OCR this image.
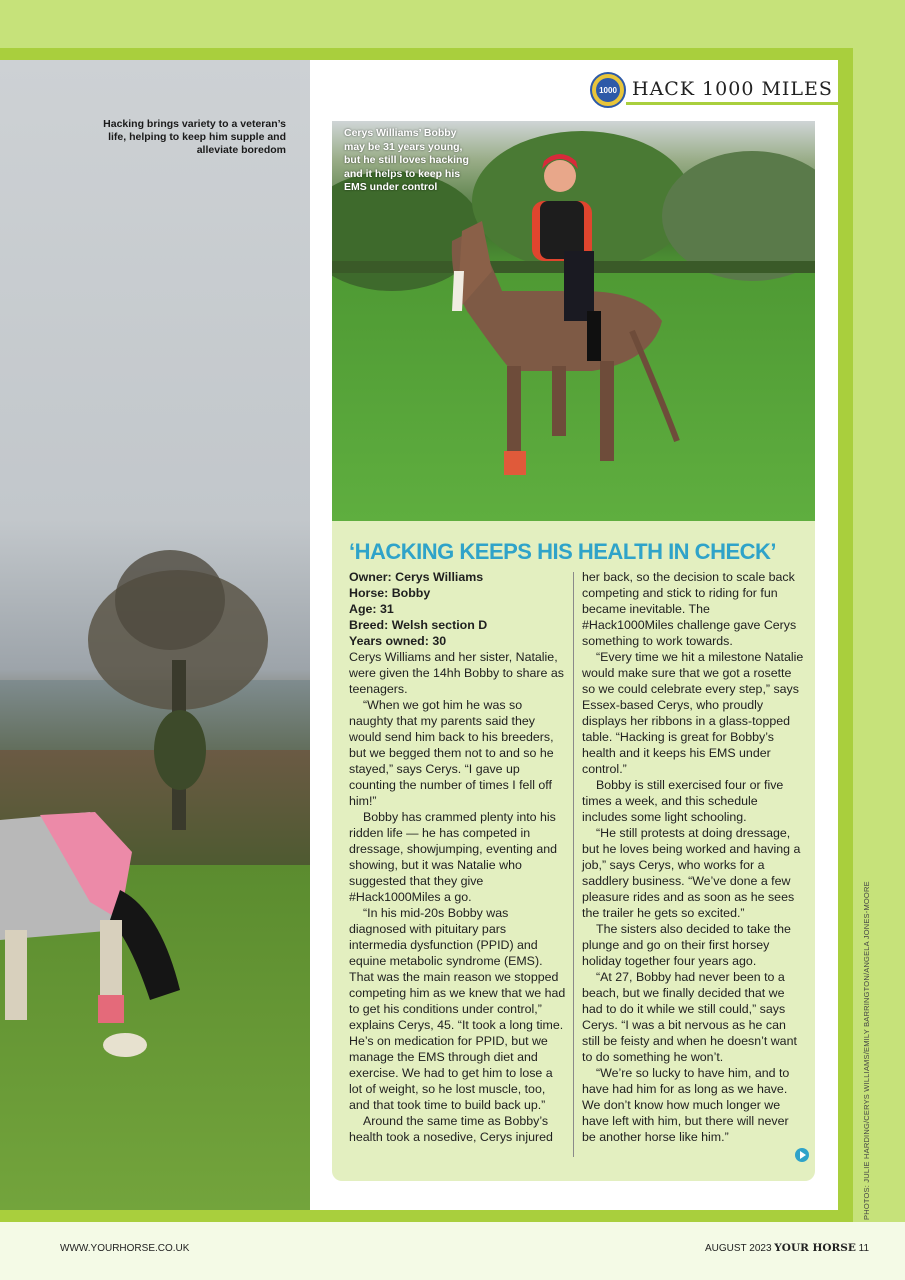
Hacking brings variety to a veteran’s life, helping to keep him supple and alleviate boredom
1000 HACK 1000 MILES
Cerys Williams’ Bobby may be 31 years young, but he still loves hacking and it helps to keep his EMS under control
‘HACKING KEEPS HIS HEALTH IN CHECK’
Owner: Cerys Williams
Horse: Bobby
Age: 31
Breed: Welsh section D
Years owned: 30

Cerys Williams and her sister, Natalie, were given the 14hh Bobby to share as teenagers.

“When we got him he was so naughty that my parents said they would send him back to his breeders, but we begged them not to and so he stayed,” says Cerys. “I gave up counting the number of times I fell off him!”

Bobby has crammed plenty into his ridden life — he has competed in dressage, showjumping, eventing and showing, but it was Natalie who suggested that they give #Hack1000Miles a go.

“In his mid-20s Bobby was diagnosed with pituitary pars intermedia dysfunction (PPID) and equine metabolic syndrome (EMS). That was the main reason we stopped competing him as we knew that we had to get his conditions under control,” explains Cerys, 45. “It took a long time. He’s on medication for PPID, but we manage the EMS through diet and exercise. We had to get him to lose a lot of weight, so he lost muscle, too, and that took time to build back up.”

Around the same time as Bobby’s health took a nosedive, Cerys injured

her back, so the decision to scale back competing and stick to riding for fun became inevitable. The #Hack1000Miles challenge gave Cerys something to work towards.

“Every time we hit a milestone Natalie would make sure that we got a rosette so we could celebrate every step,” says Essex-based Cerys, who proudly displays her ribbons in a glass-topped table. “Hacking is great for Bobby’s health and it keeps his EMS under control.”

Bobby is still exercised four or five times a week, and this schedule includes some light schooling.

“He still protests at doing dressage, but he loves being worked and having a job,” says Cerys, who works for a saddlery business. “We’ve done a few pleasure rides and as soon as he sees the trailer he gets so excited.”

The sisters also decided to take the plunge and go on their first horsey holiday together four years ago.

“At 27, Bobby had never been to a beach, but we finally decided that we had to do it while we still could,” says Cerys. “I was a bit nervous as he can still be feisty and when he doesn’t want to do something he won’t.

“We’re so lucky to have him, and to have had him for as long as we have. We don’t know how much longer we have left with him, but there will never be another horse like him.”	PHOTOS: JULIE HARDING/CERYS WILLIAMS/EMILY BARRINGTON/ANGELA JONES-MOORE
WWW.YOURHORSE.CO.UK	AUGUST 2023 YOUR HORSE 11
